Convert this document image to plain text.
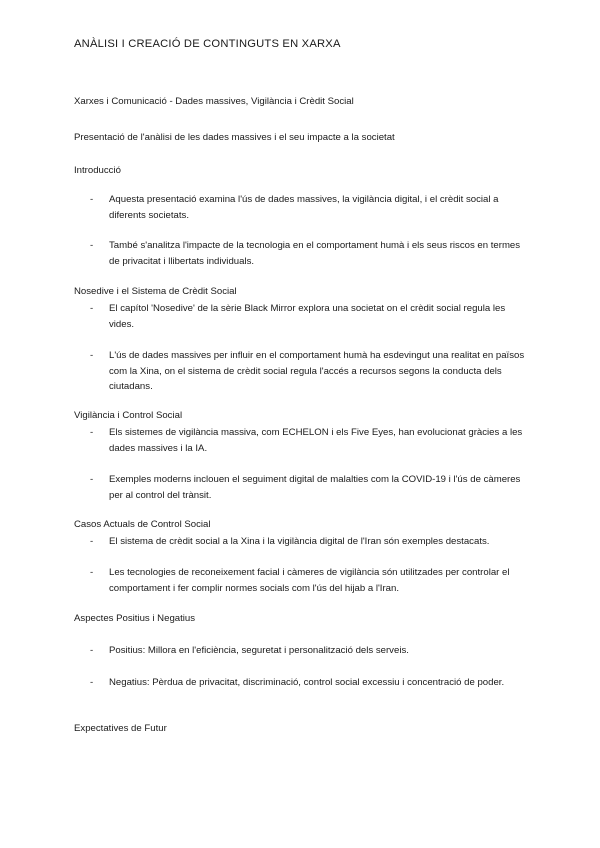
ANÀLISI I CREACIÓ DE CONTINGUTS EN XARXA
Xarxes i Comunicació - Dades massives, Vigilància i Crèdit Social
Presentació de l'anàlisi de les dades massives i el seu impacte a la societat
Introducció
- Aquesta presentació examina l'ús de dades massives, la vigilància digital, i el crèdit social a diferents societats.
- També s'analitza l'impacte de la tecnologia en el comportament humà i els seus riscos en termes de privacitat i llibertats individuals.
Nosedive i el Sistema de Crèdit Social
- El capítol 'Nosedive' de la sèrie Black Mirror explora una societat on el crèdit social regula les vides.
- L'ús de dades massives per influir en el comportament humà ha esdevingut una realitat en països com la Xina, on el sistema de crèdit social regula l'accés a recursos segons la conducta dels ciutadans.
Vigilància i Control Social
- Els sistemes de vigilància massiva, com ECHELON i els Five Eyes, han evolucionat gràcies a les dades massives i la IA.
- Exemples moderns inclouen el seguiment digital de malalties com la COVID-19 i l'ús de càmeres per al control del trànsit.
Casos Actuals de Control Social
- El sistema de crèdit social a la Xina i la vigilància digital de l'Iran són exemples destacats.
- Les tecnologies de reconeixement facial i càmeres de vigilància són utilitzades per controlar el comportament i fer complir normes socials com l'ús del hijab a l'Iran.
Aspectes Positius i Negatius
- Positius: Millora en l'eficiència, seguretat i personalització dels serveis.
- Negatius: Pèrdua de privacitat, discriminació, control social excessiu i concentració de poder.
Expectatives de Futur
